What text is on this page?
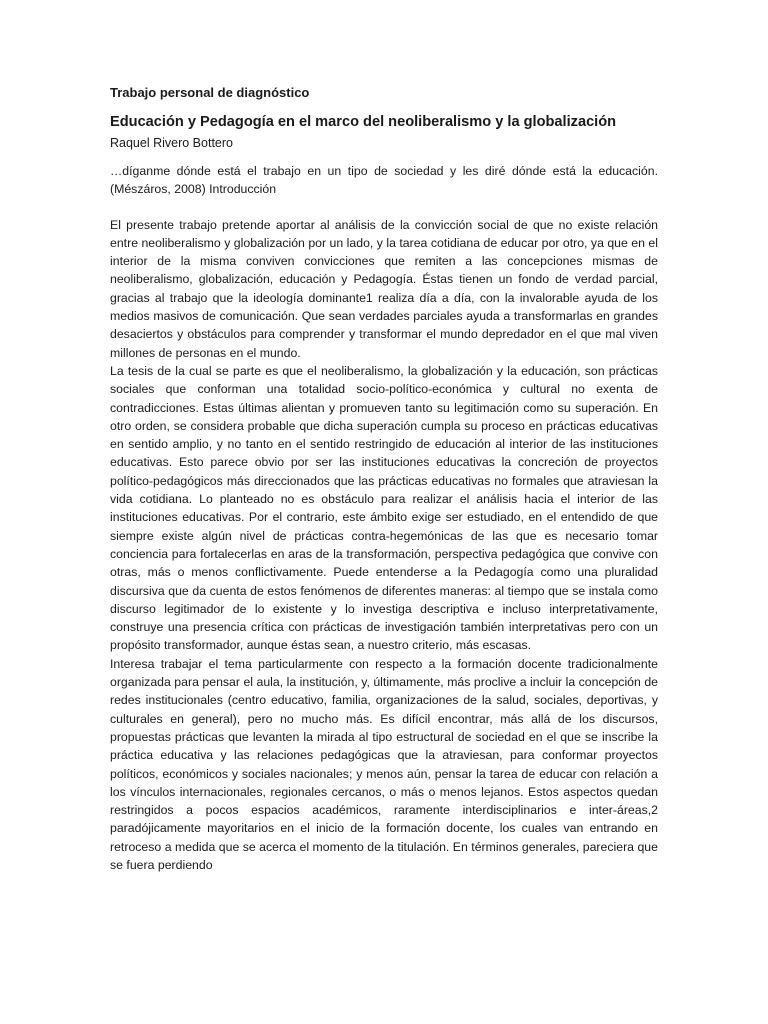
Trabajo personal de diagnóstico
Educación y Pedagogía en el marco del neoliberalismo y la globalización
Raquel Rivero Bottero

…díganme dónde está el trabajo en un tipo de sociedad y les diré dónde está la educación. (Mészáros, 2008) Introducción

El presente trabajo pretende aportar al análisis de la convicción social de que no existe relación entre neoliberalismo y globalización por un lado, y la tarea cotidiana de educar por otro, ya que en el interior de la misma conviven convicciones que remiten a las concepciones mismas de neoliberalismo, globalización, educación y Pedagogía. Éstas tienen un fondo de verdad parcial, gracias al trabajo que la ideología dominante1 realiza día a día, con la invalorable ayuda de los medios masivos de comunicación. Que sean verdades parciales ayuda a transformarlas en grandes desaciertos y obstáculos para comprender y transformar el mundo depredador en el que mal viven millones de personas en el mundo.

La tesis de la cual se parte es que el neoliberalismo, la globalización y la educación, son prácticas sociales que conforman una totalidad socio-político-económica y cultural no exenta de contradicciones. Estas últimas alientan y promueven tanto su legitimación como su superación. En otro orden, se considera probable que dicha superación cumpla su proceso en prácticas educativas en sentido amplio, y no tanto en el sentido restringido de educación al interior de las instituciones educativas. Esto parece obvio por ser las instituciones educativas la concreción de proyectos político-pedagógicos más direccionados que las prácticas educativas no formales que atraviesan la vida cotidiana. Lo planteado no es obstáculo para realizar el análisis hacia el interior de las instituciones educativas. Por el contrario, este ámbito exige ser estudiado, en el entendido de que siempre existe algún nivel de prácticas contra-hegemónicas de las que es necesario tomar conciencia para fortalecerlas en aras de la transformación, perspectiva pedagógica que convive con otras, más o menos conflictivamente. Puede entenderse a la Pedagogía como una pluralidad discursiva que da cuenta de estos fenómenos de diferentes maneras: al tiempo que se instala como discurso legitimador de lo existente y lo investiga descriptiva e incluso interpretativamente, construye una presencia crítica con prácticas de investigación también interpretativas pero con un propósito transformador, aunque éstas sean, a nuestro criterio, más escasas.

Interesa trabajar el tema particularmente con respecto a la formación docente tradicionalmente organizada para pensar el aula, la institución, y, últimamente, más proclive a incluir la concepción de redes institucionales (centro educativo, familia, organizaciones de la salud, sociales, deportivas, y culturales en general), pero no mucho más. Es difícil encontrar, más allá de los discursos, propuestas prácticas que levanten la mirada al tipo estructural de sociedad en el que se inscribe la práctica educativa y las relaciones pedagógicas que la atraviesan, para conformar proyectos políticos, económicos y sociales nacionales; y menos aún, pensar la tarea de educar con relación a los vínculos internacionales, regionales cercanos, o más o menos lejanos. Estos aspectos quedan restringidos a pocos espacios académicos, raramente interdisciplinarios e inter-áreas,2 paradójicamente mayoritarios en el inicio de la formación docente, los cuales van entrando en retroceso a medida que se acerca el momento de la titulación. En términos generales, pareciera que se fuera perdiendo
